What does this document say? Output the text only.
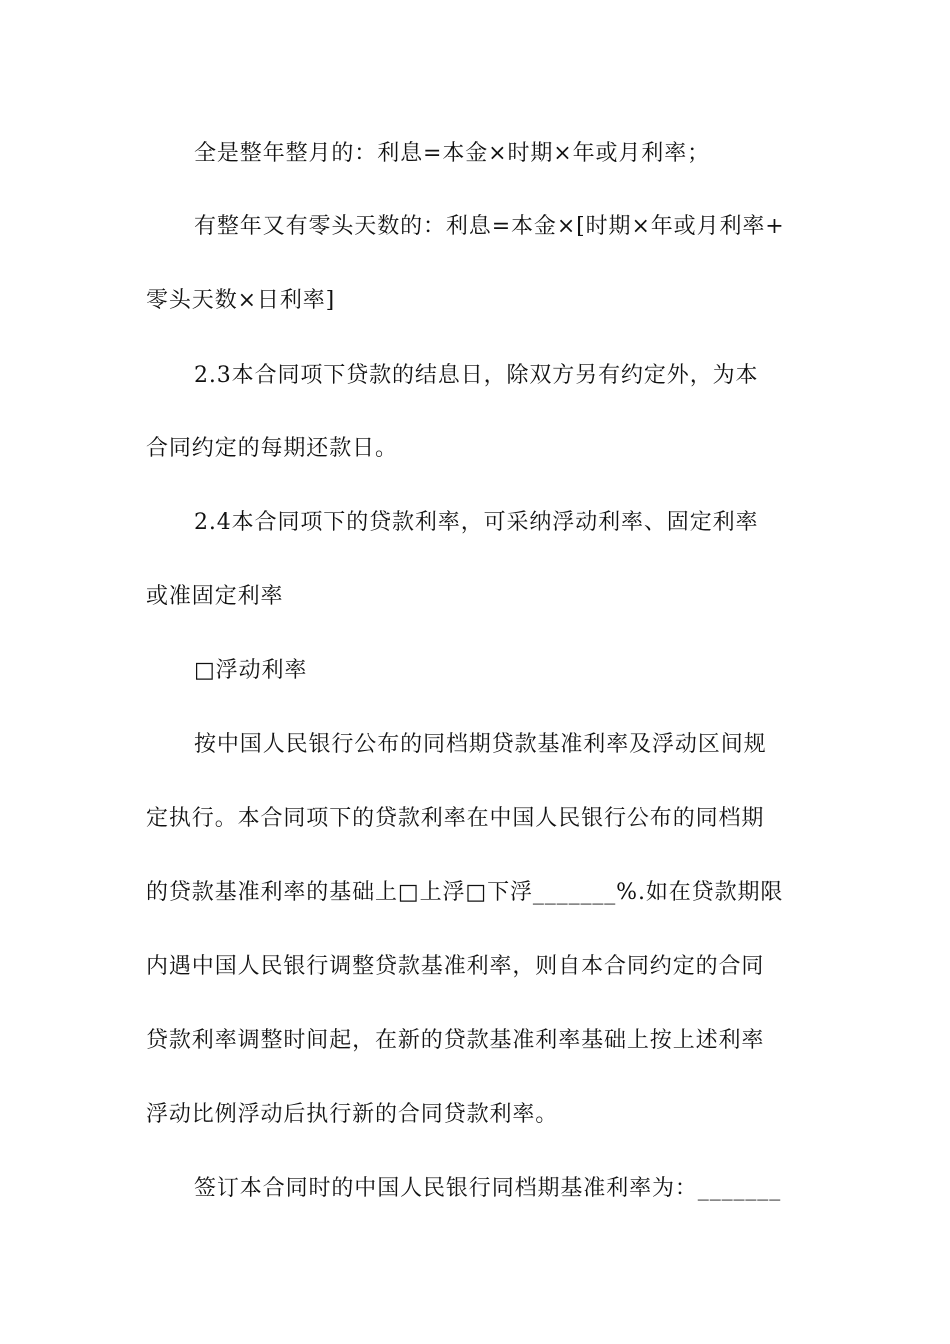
全是整年整月的：利息=本金×时期×年或月利率；
有整年又有零头天数的：利息=本金×[时期×年或月利率+
零头天数×日利率]
2.3本合同项下贷款的结息日，除双方另有约定外，为本
合同约定的每期还款日。
2.4本合同项下的贷款利率，可采纳浮动利率、固定利率
或准固定利率
□浮动利率
按中国人民银行公布的同档期贷款基准利率及浮动区间规
定执行。本合同项下的贷款利率在中国人民银行公布的同档期
的贷款基准利率的基础上□上浮□下浮_______%.如在贷款期限
内遇中国人民银行调整贷款基准利率，则自本合同约定的合同
贷款利率调整时间起，在新的贷款基准利率基础上按上述利率
浮动比例浮动后执行新的合同贷款利率。
签订本合同时的中国人民银行同档期基准利率为：_______
